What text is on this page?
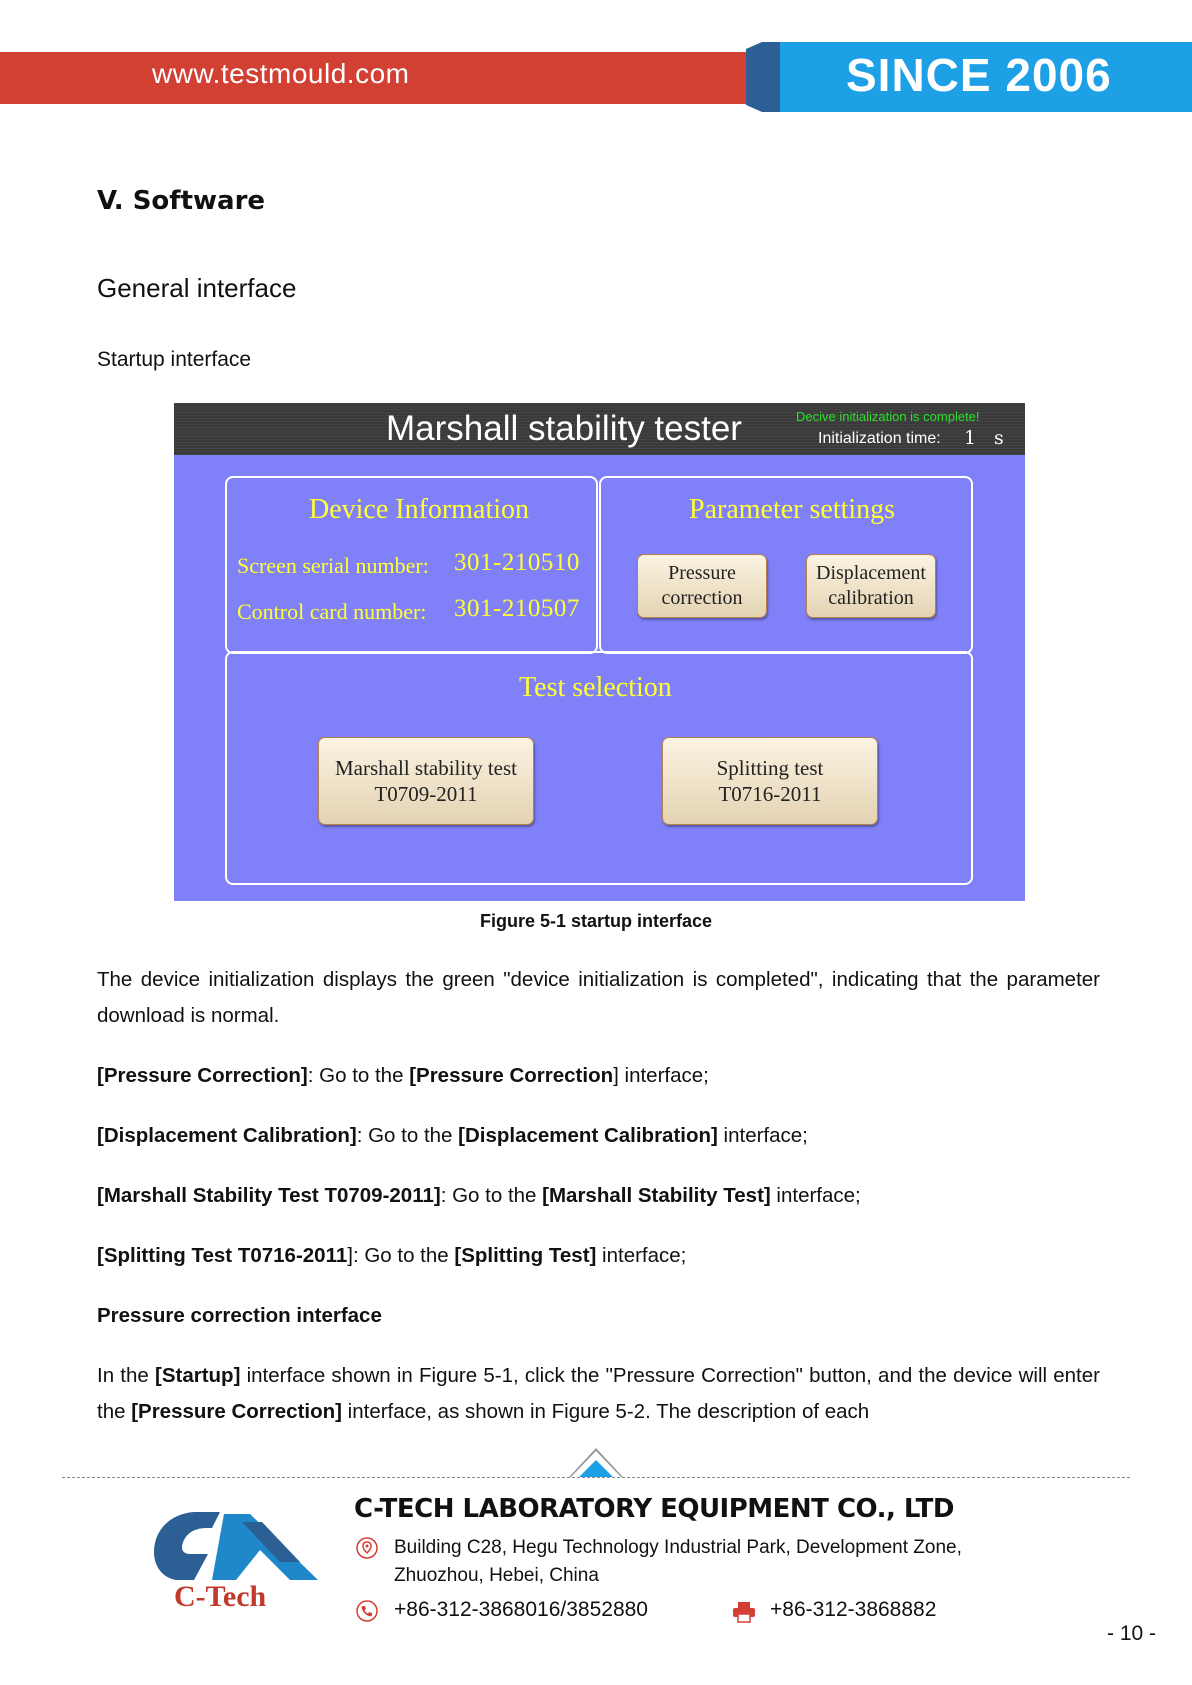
www.testmould.com	SINCE 2006
V. Software
General interface
Startup interface
Marshall stability tester	Decive initialization is complete!
Initialization time: 1 s
Device Information
Screen serial number: 301-210510
Control card number: 301-210507
Parameter settings
Pressure
correction
Displacement
calibration
Test selection
Marshall stability test
T0709-2011
Splitting test
T0716-2011
Figure 5-1 startup interface
The device initialization displays the green "device initialization is completed", indicating that the parameter download is normal.
[Pressure Correction]: Go to the [Pressure Correction] interface;
[Displacement Calibration]: Go to the [Displacement Calibration] interface;
[Marshall Stability Test T0709-2011]: Go to the [Marshall Stability Test] interface;
[Splitting Test T0716-2011]: Go to the [Splitting Test] interface;
Pressure correction interface
In the [Startup] interface shown in Figure 5-1, click the "Pressure Correction" button, and the device will enter the [Pressure Correction] interface, as shown in Figure 5-2. The description of each
C-Tech
C-TECH LABORATORY EQUIPMENT CO., LTD
Building C28, Hegu Technology Industrial Park, Development Zone,
Zhuozhou, Hebei, China
+86-312-3868016/3852880	+86-312-3868882
- 10 -
